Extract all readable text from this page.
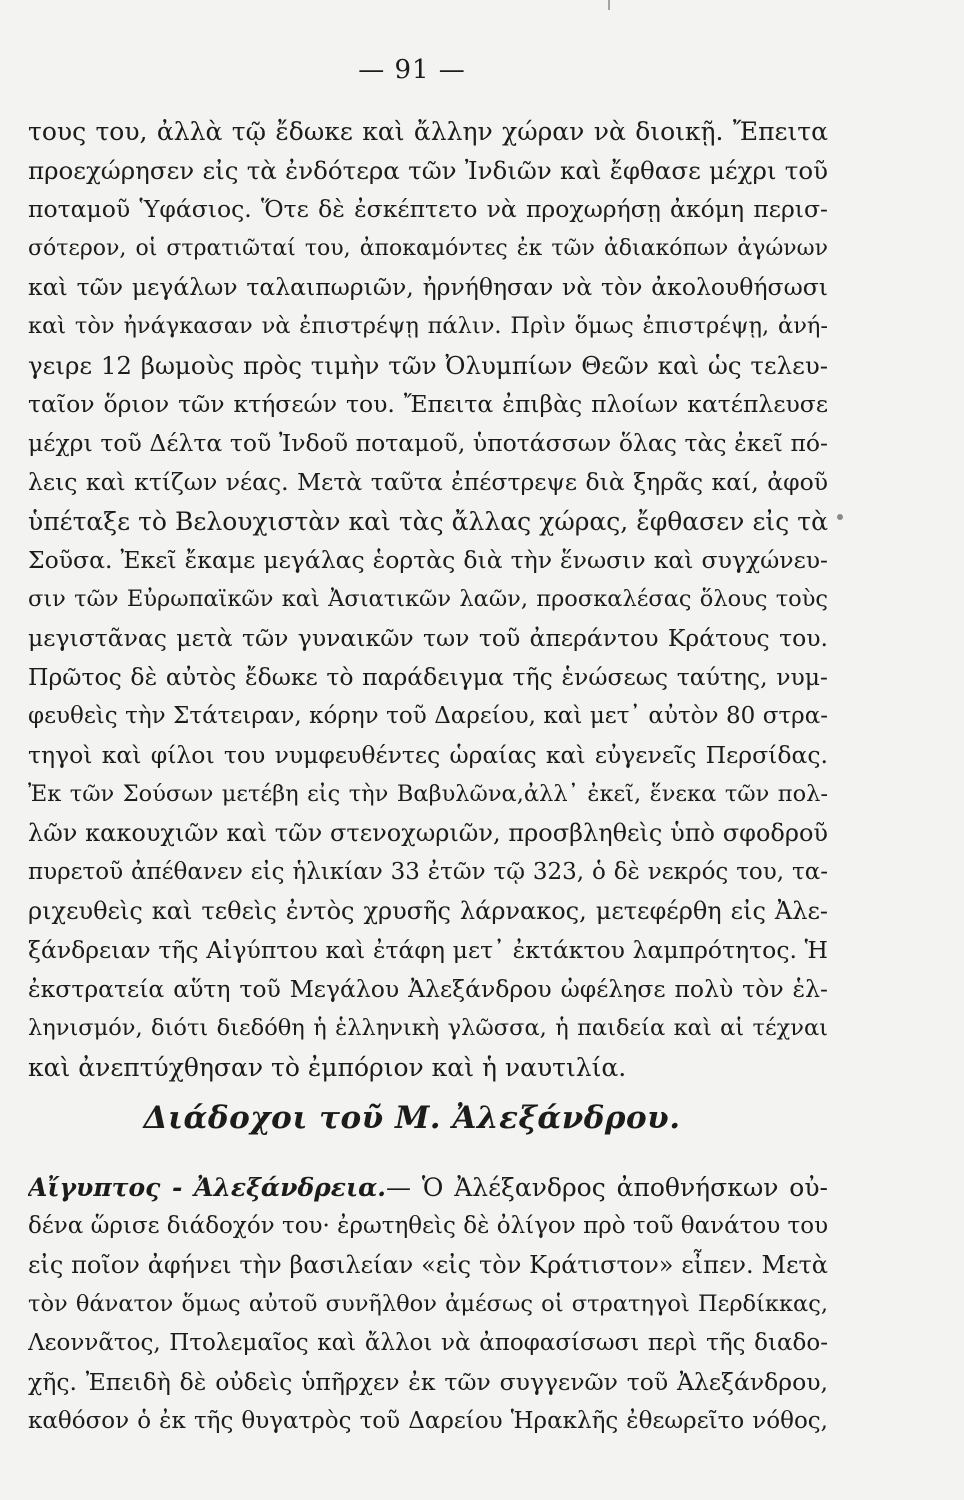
— 91 —
τους του, ἀλλὰ τῷ ἔδωκε καὶ ἄλλην χώραν νὰ διοικῇ. Ἔπειτα
προεχώρησεν εἰς τὰ ἐνδότερα τῶν Ἰνδιῶν καὶ ἔφθασε μέχρι τοῦ
ποταμοῦ Ὑφάσιος. Ὅτε δὲ ἐσκέπτετο νὰ προχωρήσῃ ἀκόμη περισ-
σότερον, οἱ στρατιῶταί του, ἀποκαμόντες ἐκ τῶν ἀδιακόπων ἀγώνων
καὶ τῶν μεγάλων ταλαιπωριῶν, ἠρνήθησαν νὰ τὸν ἀκολουθήσωσι
καὶ τὸν ἠνάγκασαν νὰ ἐπιστρέψῃ πάλιν. Πρὶν ὅμως ἐπιστρέψῃ, ἀνή-
γειρε 12 βωμοὺς πρὸς τιμὴν τῶν Ὀλυμπίων Θεῶν καὶ ὡς τελευ-
ταῖον ὅριον τῶν κτήσεών του. Ἔπειτα ἐπιβὰς πλοίων κατέπλευσε
μέχρι τοῦ Δέλτα τοῦ Ἰνδοῦ ποταμοῦ, ὑποτάσσων ὅλας τὰς ἐκεῖ πό-
λεις καὶ κτίζων νέας. Μετὰ ταῦτα ἐπέστρεψε διὰ ξηρᾶς καί, ἀφοῦ
ὑπέταξε τὸ Βελουχιστὰν καὶ τὰς ἄλλας χώρας, ἔφθασεν εἰς τὰ
Σοῦσα. Ἐκεῖ ἔκαμε μεγάλας ἑορτὰς διὰ τὴν ἕνωσιν καὶ συγχώνευ-
σιν τῶν Εὐρωπαϊκῶν καὶ Ἀσιατικῶν λαῶν, προσκαλέσας ὅλους τοὺς
μεγιστᾶνας μετὰ τῶν γυναικῶν των τοῦ ἀπεράντου Κράτους του.
Πρῶτος δὲ αὐτὸς ἔδωκε τὸ παράδειγμα τῆς ἑνώσεως ταύτης, νυμ-
φευθεὶς τὴν Στάτειραν, κόρην τοῦ Δαρείου, καὶ μετ᾽ αὐτὸν 80 στρα-
τηγοὶ καὶ φίλοι του νυμφευθέντες ὡραίας καὶ εὐγενεῖς Περσίδας.
Ἐκ τῶν Σούσων μετέβη εἰς τὴν Βαβυλῶνα,ἀλλ᾽ ἐκεῖ, ἕνεκα τῶν πολ-
λῶν κακουχιῶν καὶ τῶν στενοχωριῶν, προσβληθεὶς ὑπὸ σφοδροῦ
πυρετοῦ ἀπέθανεν εἰς ἡλικίαν 33 ἐτῶν τῷ 323, ὁ δὲ νεκρός του, τα-
ριχευθεὶς καὶ τεθεὶς ἐντὸς χρυσῆς λάρνακος, μετεφέρθη εἰς Ἀλε-
ξάνδρειαν τῆς Αἰγύπτου καὶ ἐτάφη μετ᾽ ἐκτάκτου λαμπρότητος. Ἡ
ἐκστρατεία αὕτη τοῦ Μεγάλου Ἀλεξάνδρου ὠφέλησε πολὺ τὸν ἑλ-
ληνισμόν, διότι διεδόθη ἡ ἑλληνικὴ γλῶσσα, ἡ παιδεία καὶ αἱ τέχναι
καὶ ἀνεπτύχθησαν τὸ ἐμπόριον καὶ ἡ ναυτιλία.
Διάδοχοι τοῦ Μ. Ἀλεξάνδρου.
Αἴγυπτος - Ἀλεξάνδρεια.— Ὁ Ἀλέξανδρος ἀποθνήσκων οὐ-
δένα ὥρισε διάδοχόν του· ἐρωτηθεὶς δὲ ὀλίγον πρὸ τοῦ θανάτου του
εἰς ποῖον ἀφήνει τὴν βασιλείαν «εἰς τὸν Κράτιστον» εἶπεν. Μετὰ
τὸν θάνατον ὅμως αὐτοῦ συνῆλθον ἀμέσως οἱ στρατηγοὶ Περδίκκας,
Λεοννᾶτος, Πτολεμαῖος καὶ ἄλλοι νὰ ἀποφασίσωσι περὶ τῆς διαδο-
χῆς. Ἐπειδὴ δὲ οὐδεὶς ὑπῆρχεν ἐκ τῶν συγγενῶν τοῦ Ἀλεξάνδρου,
καθόσον ὁ ἐκ τῆς θυγατρὸς τοῦ Δαρείου Ἡρακλῆς ἐθεωρεῖτο νόθος,
